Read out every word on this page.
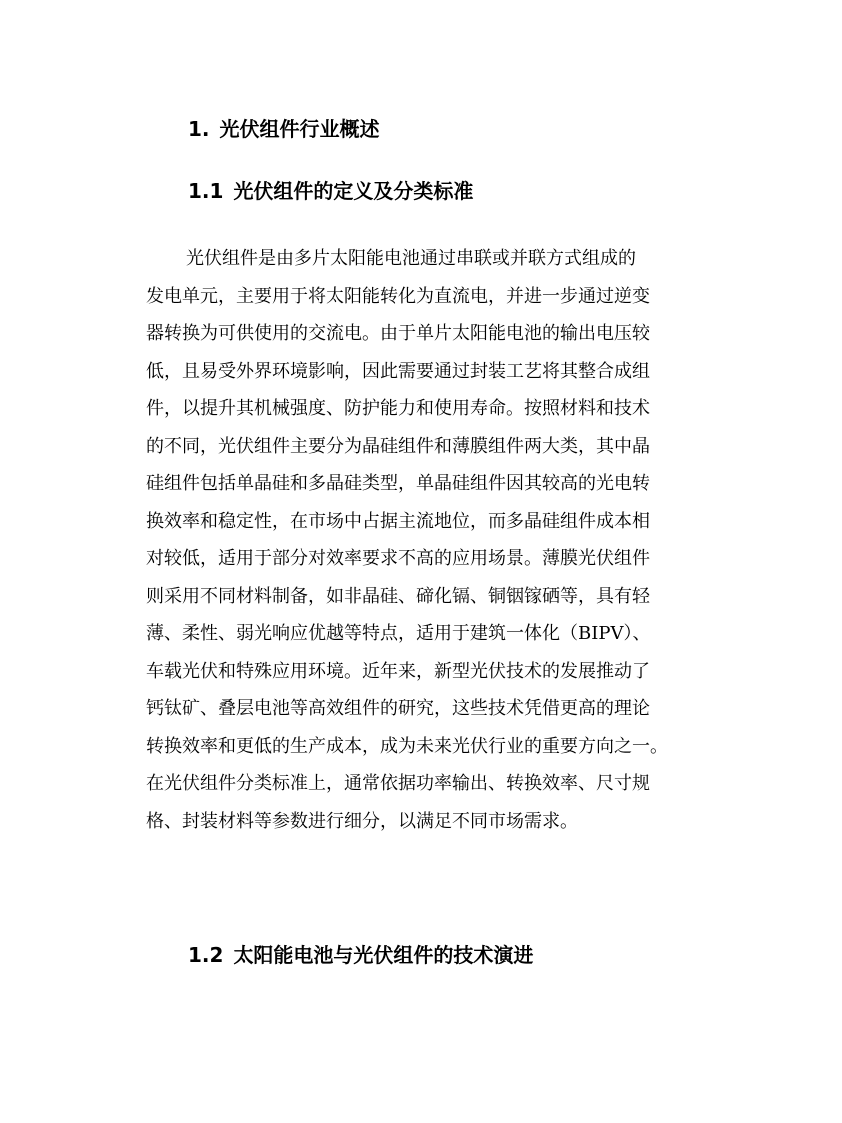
1. 光伏组件行业概述
1.1 光伏组件的定义及分类标准
光伏组件是由多片太阳能电池通过串联或并联方式组成的
发电单元，主要用于将太阳能转化为直流电，并进一步通过逆变
器转换为可供使用的交流电。由于单片太阳能电池的输出电压较
低，且易受外界环境影响，因此需要通过封装工艺将其整合成组
件，以提升其机械强度、防护能力和使用寿命。按照材料和技术
的不同，光伏组件主要分为晶硅组件和薄膜组件两大类，其中晶
硅组件包括单晶硅和多晶硅类型，单晶硅组件因其较高的光电转
换效率和稳定性，在市场中占据主流地位，而多晶硅组件成本相
对较低，适用于部分对效率要求不高的应用场景。薄膜光伏组件
则采用不同材料制备，如非晶硅、碲化镉、铜铟镓硒等，具有轻
薄、柔性、弱光响应优越等特点，适用于建筑一体化（BIPV）、
车载光伏和特殊应用环境。近年来，新型光伏技术的发展推动了
钙钛矿、叠层电池等高效组件的研究，这些技术凭借更高的理论
转换效率和更低的生产成本，成为未来光伏行业的重要方向之一。
在光伏组件分类标准上，通常依据功率输出、转换效率、尺寸规
格、封装材料等参数进行细分，以满足不同市场需求。
1.2 太阳能电池与光伏组件的技术演进
